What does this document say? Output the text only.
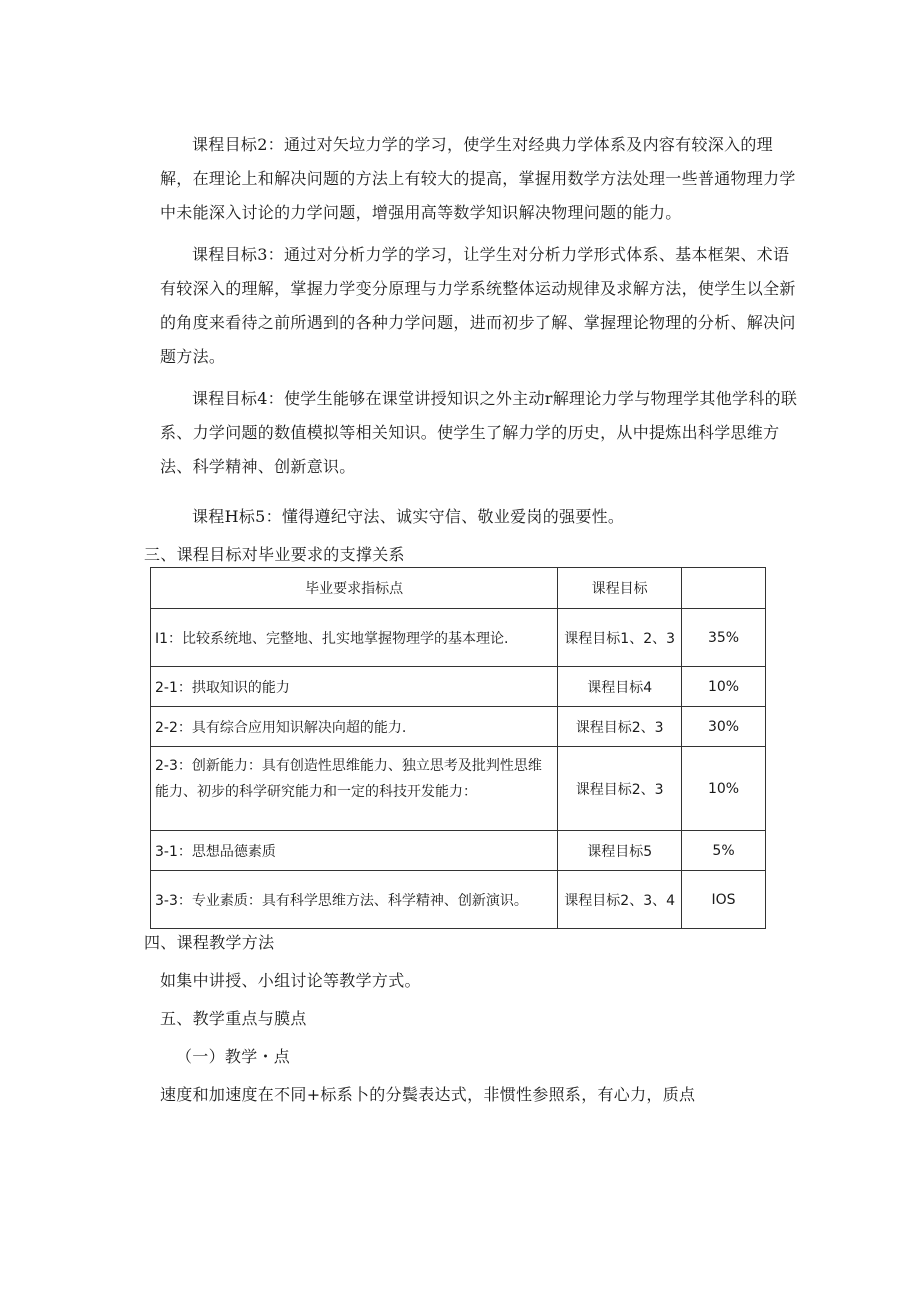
课程目标2：通过对矢垃力学的学习，使学生对经典力学体系及内容有较深入的理解，在理论上和解决问题的方法上有较大的提高，掌握用数学方法处理一些普通物理力学中未能深入讨论的力学问题，增强用高等数学知识解决物理问题的能力。

课程目标3：通过对分析力学的学习，让学生对分析力学形式体系、基本框架、术语有较深入的理解，掌握力学变分原理与力学系统整体运动规律及求解方法，使学生以全新的角度来看待之前所遇到的各种力学问题，进而初步了解、掌握理论物理的分析、解决问题方法。

课程目标4：使学生能够在课堂讲授知识之外主动r解理论力学与物理学其他学科的联系、力学问题的数值模拟等相关知识。使学生了解力学的历史，从中提炼出科学思维方法、科学精神、创新意识。

课程H标5：懂得遵纪守法、诚实守信、敬业爱岗的强要性。

三、课程目标对毕业要求的支撑关系

毕业要求指标点	课程目标	
I1：比较系统地、完整地、扎实地掌握物理学的基本理论.	课程目标1、2、3	35%
2-1：拱取知识的能力	课程目标4	10%
2-2：具有综合应用知识解决向超的能力.	课程目标2、3	30%
2-3：创新能力：具有创造性思维能力、独立思考及批判性思维能力、初步的科学研究能力和一定的科技开发能力：	课程目标2、3	10%
3-1：思想品德素质	课程目标5	5%
3-3：专业素质：具有科学思维方法、科学精神、创新演识。	课程目标2、3、4	IOS

四、课程教学方法

如集中讲授、小组讨论等教学方式。

五、教学重点与膜点

（一）教学・点

速度和加速度在不同+标系卜的分鬓表达式，非惯性参照系，有心力，质点
